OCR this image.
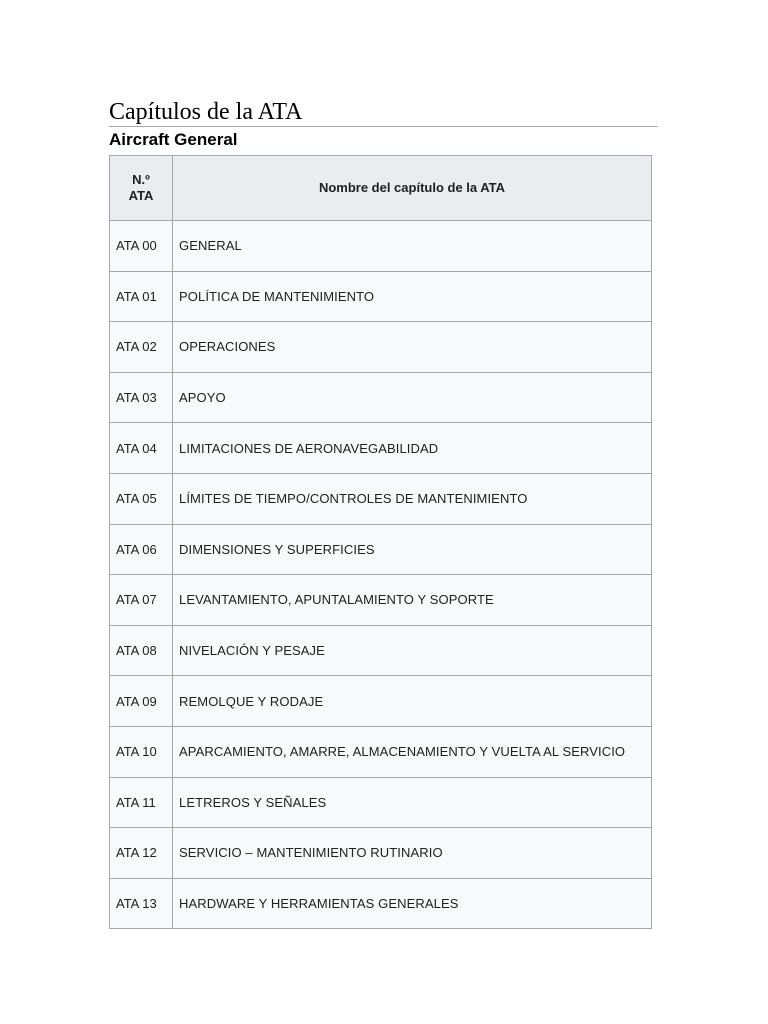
Capítulos de la ATA
Aircraft General
N.º
ATA	Nombre del capítulo de la ATA
ATA 00	GENERAL
ATA 01	POLÍTICA DE MANTENIMIENTO
ATA 02	OPERACIONES
ATA 03	APOYO
ATA 04	LIMITACIONES DE AERONAVEGABILIDAD
ATA 05	LÍMITES DE TIEMPO/CONTROLES DE MANTENIMIENTO
ATA 06	DIMENSIONES Y SUPERFICIES
ATA 07	LEVANTAMIENTO, APUNTALAMIENTO Y SOPORTE
ATA 08	NIVELACIÓN Y PESAJE
ATA 09	REMOLQUE Y RODAJE
ATA 10	APARCAMIENTO, AMARRE, ALMACENAMIENTO Y VUELTA AL SERVICIO
ATA 11	LETREROS Y SEÑALES
ATA 12	SERVICIO – MANTENIMIENTO RUTINARIO
ATA 13	HARDWARE Y HERRAMIENTAS GENERALES
